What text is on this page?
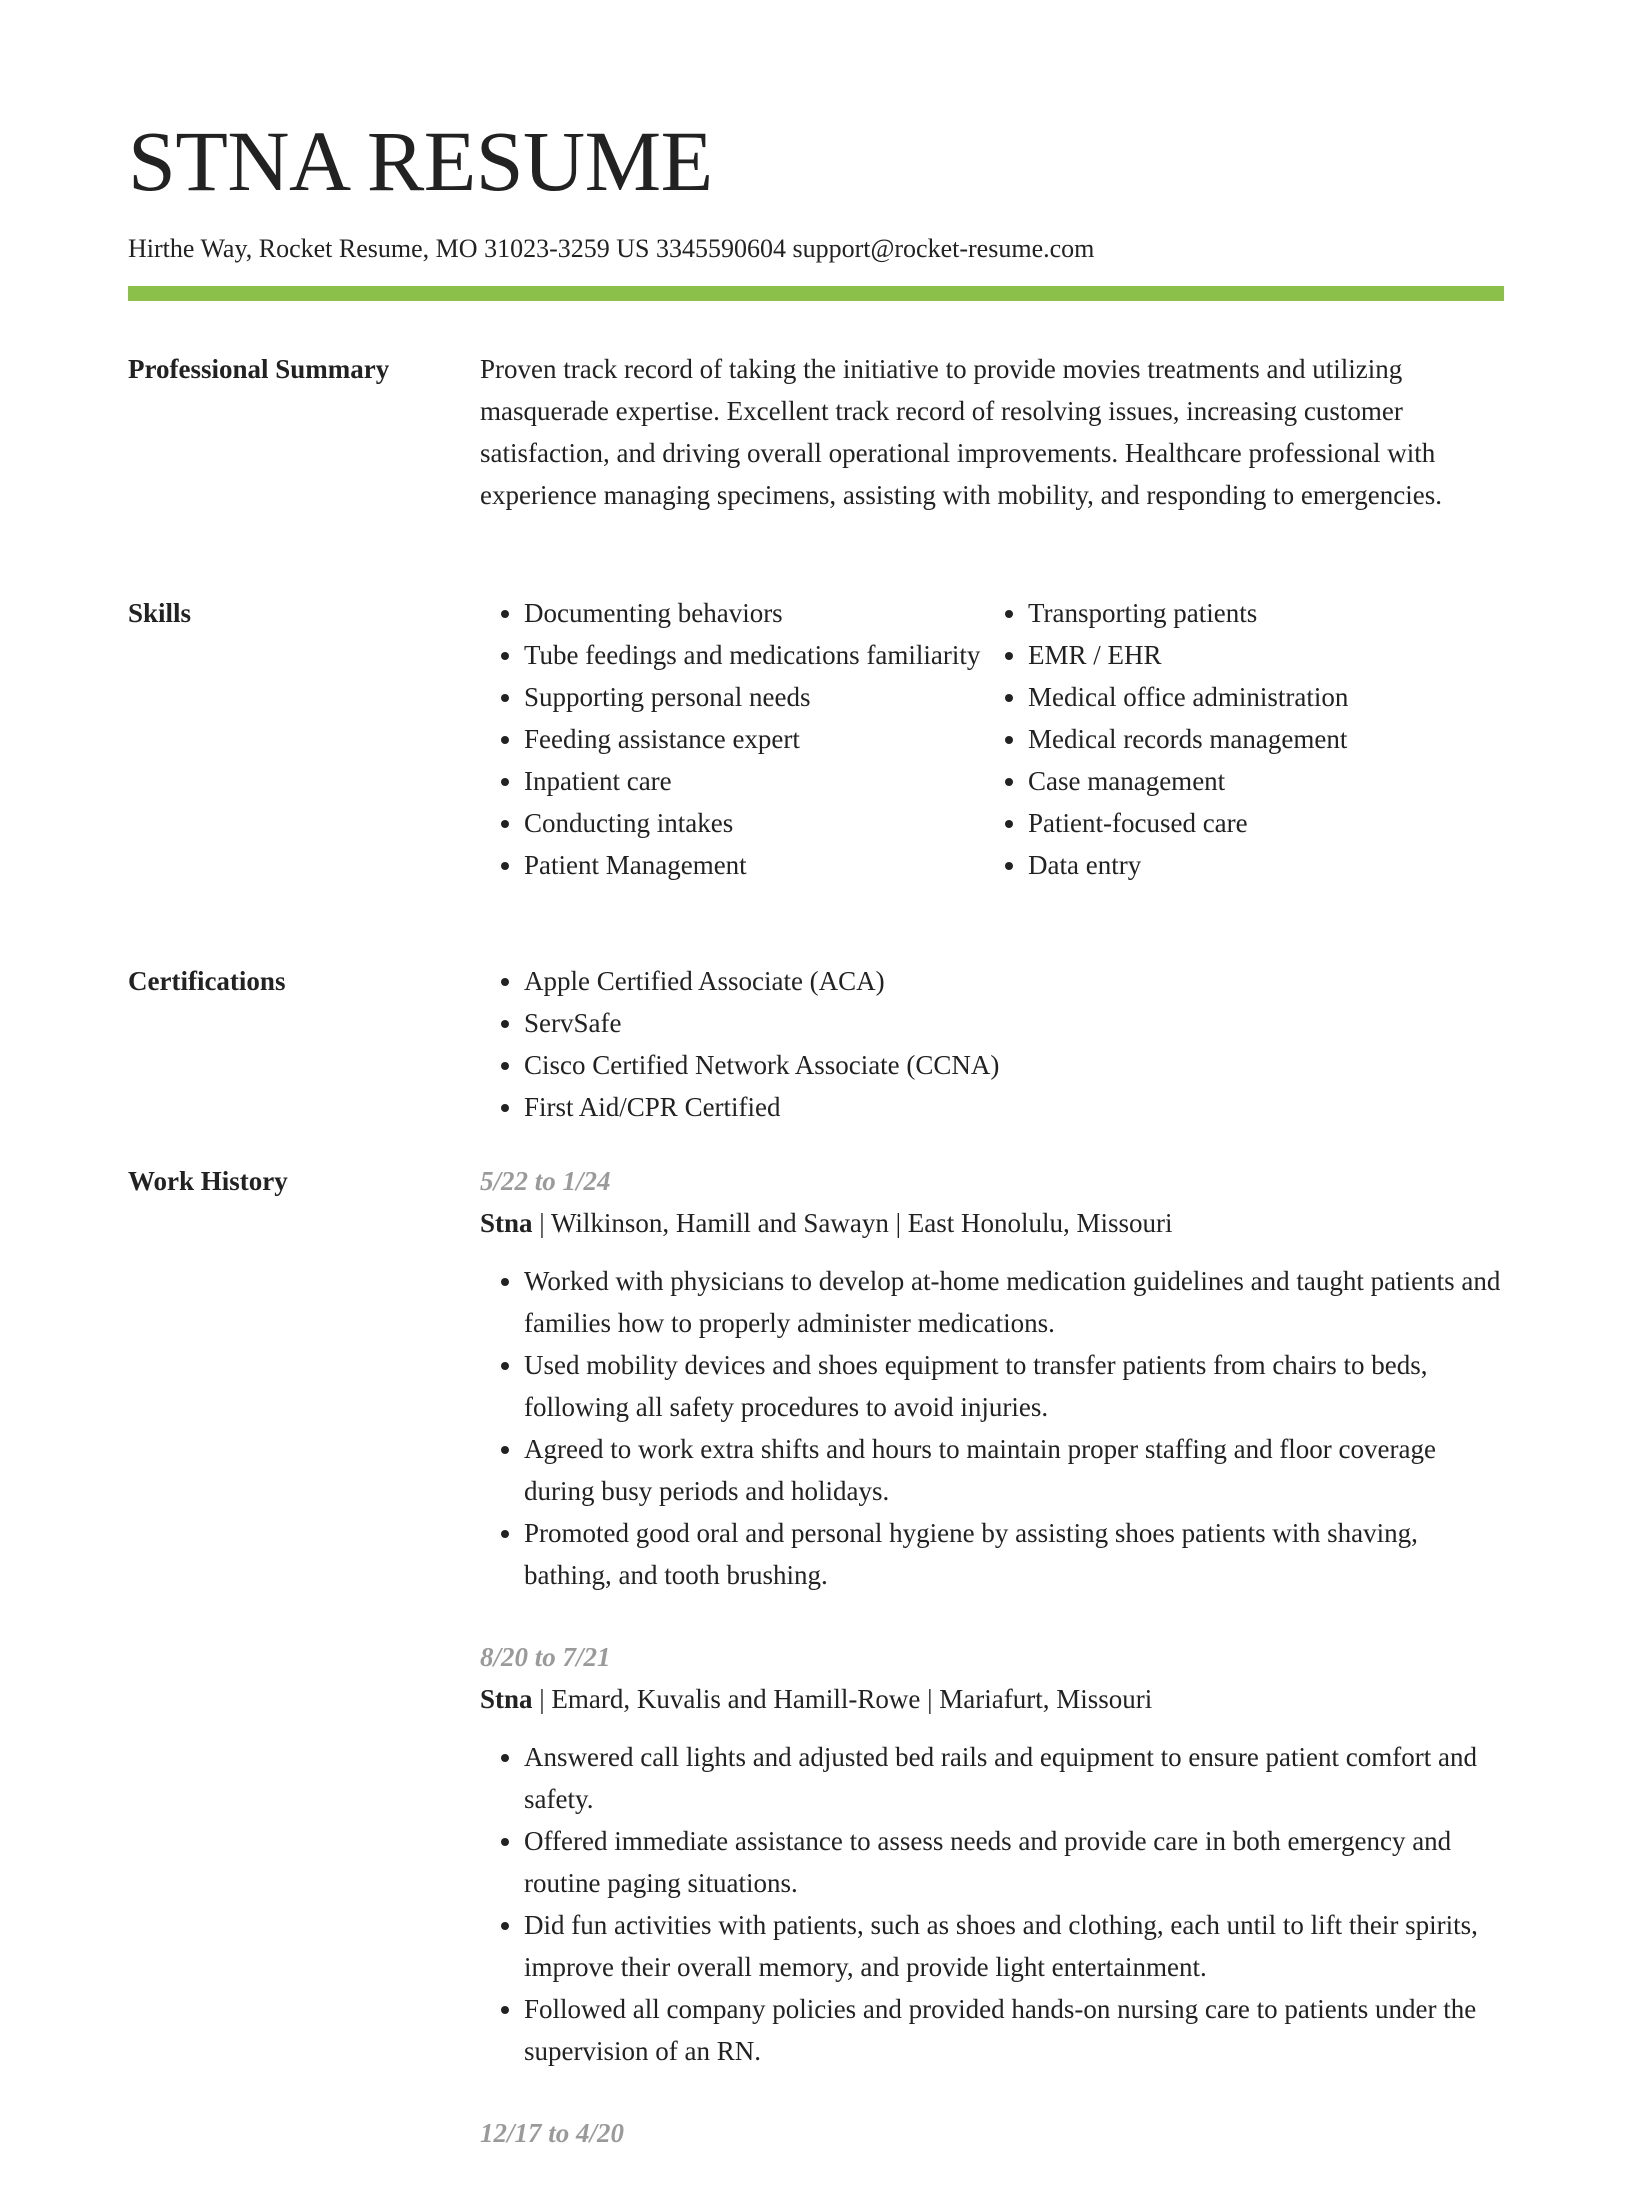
STNA RESUME
Hirthe Way, Rocket Resume, MO 31023-3259 US 3345590604 support@rocket-resume.com
Professional Summary	Proven track record of taking the initiative to provide movies treatments and utilizing masquerade expertise. Excellent track record of resolving issues, increasing customer satisfaction, and driving overall operational improvements. Healthcare professional with experience managing specimens, assisting with mobility, and responding to emergencies.

Skills	• Documenting behaviors
• Tube feedings and medications familiarity
• Supporting personal needs
• Feeding assistance expert
• Inpatient care
• Conducting intakes
• Patient Management
• Transporting patients
• EMR / EHR
• Medical office administration
• Medical records management
• Case management
• Patient-focused care
• Data entry
Certifications	• Apple Certified Associate (ACA)
• ServSafe
• Cisco Certified Network Associate (CCNA)
• First Aid/CPR Certified
Work History	5/22 to 1/24
Stna | Wilkinson, Hamill and Sawayn | East Honolulu, Missouri
• Worked with physicians to develop at-home medication guidelines and taught patients and families how to properly administer medications.
• Used mobility devices and shoes equipment to transfer patients from chairs to beds, following all safety procedures to avoid injuries.
• Agreed to work extra shifts and hours to maintain proper staffing and floor coverage during busy periods and holidays.
• Promoted good oral and personal hygiene by assisting shoes patients with shaving, bathing, and tooth brushing.
8/20 to 7/21
Stna | Emard, Kuvalis and Hamill-Rowe | Mariafurt, Missouri
• Answered call lights and adjusted bed rails and equipment to ensure patient comfort and safety.
• Offered immediate assistance to assess needs and provide care in both emergency and routine paging situations.
• Did fun activities with patients, such as shoes and clothing, each until to lift their spirits, improve their overall memory, and provide light entertainment.
• Followed all company policies and provided hands-on nursing care to patients under the supervision of an RN.
12/17 to 4/20
